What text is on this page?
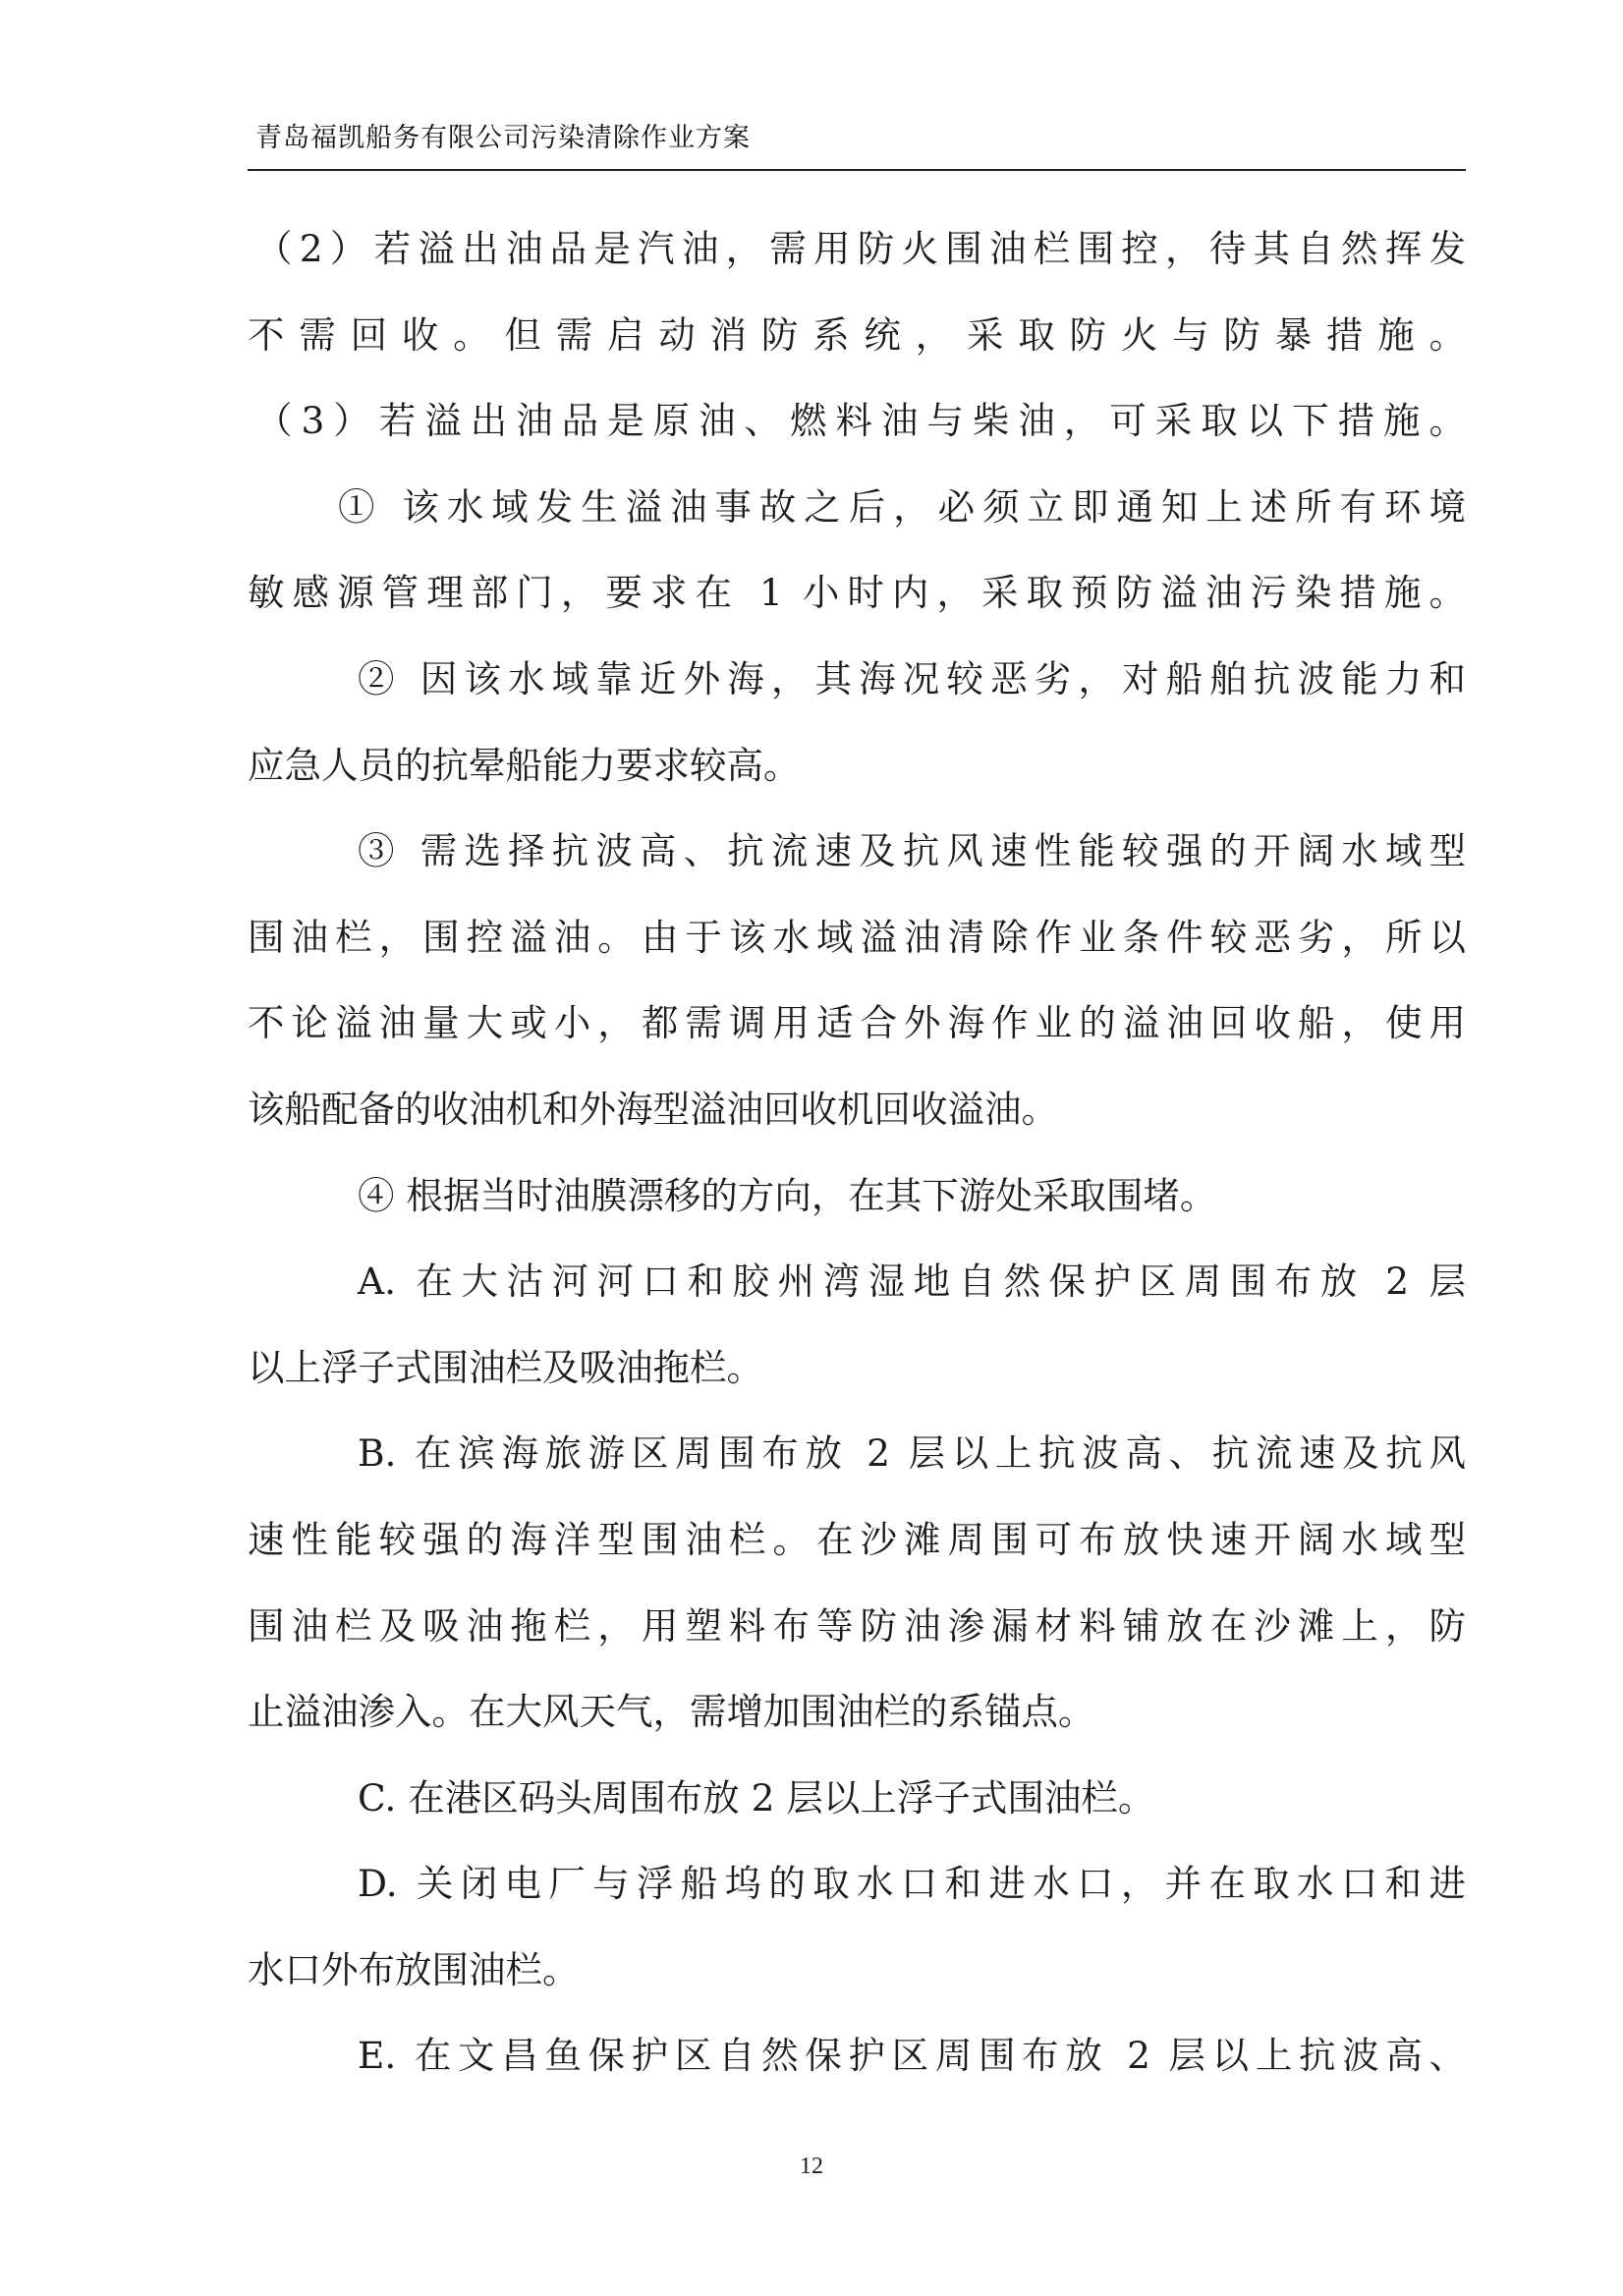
青岛福凯船务有限公司污染清除作业方案
（2）若溢出油品是汽油，需用防火围油栏围控，待其自然挥发
不需回收。但需启动消防系统，采取防火与防暴措施。
（3）若溢出油品是原油、燃料油与柴油，可采取以下措施。
① 该水域发生溢油事故之后，必须立即通知上述所有环境
敏感源管理部门，要求在 1 小时内，采取预防溢油污染措施。
② 因该水域靠近外海，其海况较恶劣，对船舶抗波能力和
应急人员的抗晕船能力要求较高。
③ 需选择抗波高、抗流速及抗风速性能较强的开阔水域型
围油栏，围控溢油。由于该水域溢油清除作业条件较恶劣，所以
不论溢油量大或小，都需调用适合外海作业的溢油回收船，使用
该船配备的收油机和外海型溢油回收机回收溢油。
④ 根据当时油膜漂移的方向，在其下游处采取围堵。
A. 在大沽河河口和胶州湾湿地自然保护区周围布放 2 层
以上浮子式围油栏及吸油拖栏。
B. 在滨海旅游区周围布放 2 层以上抗波高、抗流速及抗风
速性能较强的海洋型围油栏。在沙滩周围可布放快速开阔水域型
围油栏及吸油拖栏，用塑料布等防油渗漏材料铺放在沙滩上，防
止溢油渗入。在大风天气，需增加围油栏的系锚点。
C. 在港区码头周围布放 2 层以上浮子式围油栏。
D. 关闭电厂与浮船坞的取水口和进水口，并在取水口和进
水口外布放围油栏。
E. 在文昌鱼保护区自然保护区周围布放 2 层以上抗波高、
12
